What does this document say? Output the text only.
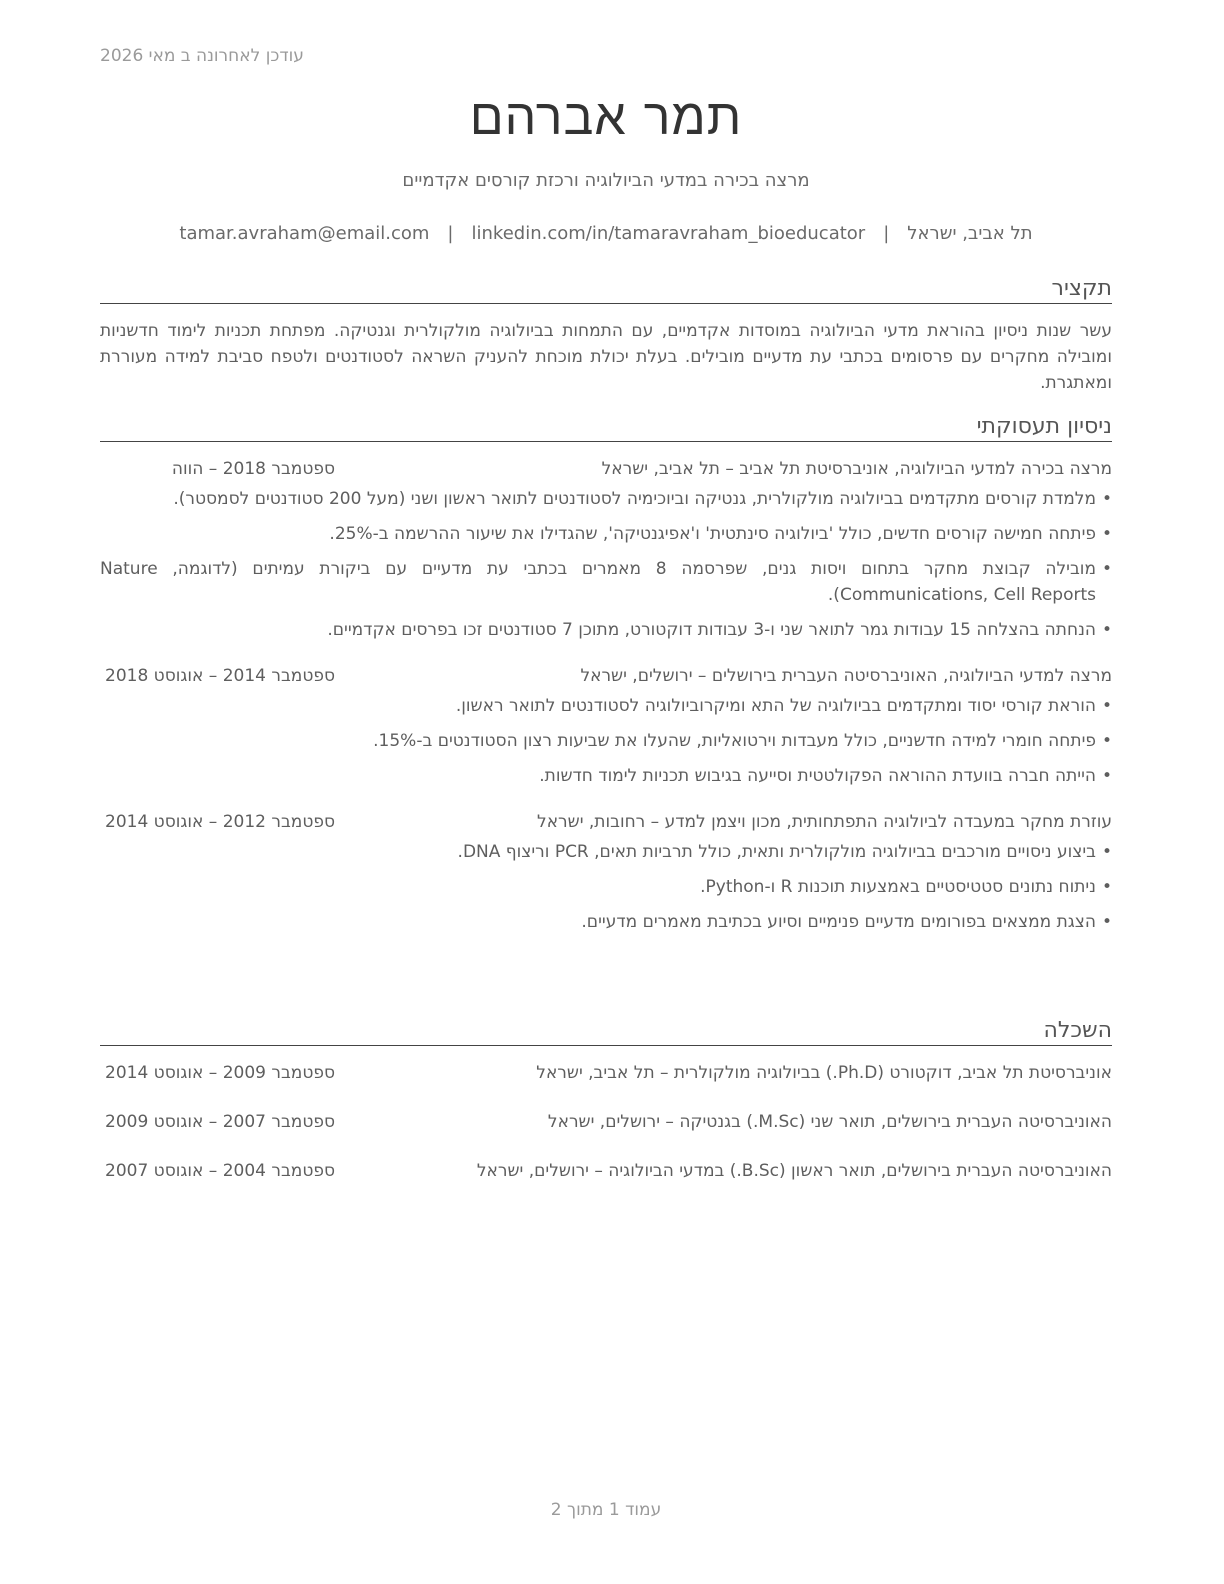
עודכן לאחרונה ב מאי 2026
תמר אברהם
מרצה בכירה במדעי הביולוגיה ורכזת קורסים אקדמיים
תל אביב, ישראל|tamar.avraham@email.com | linkedin.com/in/tamaravraham_bioeducator
תקציר
עשר שנות ניסיון בהוראת מדעי הביולוגיה במוסדות אקדמיים, עם התמחות בביולוגיה מולקולרית וגנטיקה. מפתחת תכניות לימוד חדשניות ומובילה מחקרים עם פרסומים בכתבי עת מדעיים מובילים. בעלת יכולת מוכחת להעניק השראה לסטודנטים ולטפח סביבת למידה מעוררת ומאתגרת.
ניסיון תעסוקתי
מרצה בכירה למדעי הביולוגיה, אוניברסיטת תל אביב – תל אביב, ישראל
ספטמבר 2018 – הווה
• מלמדת קורסים מתקדמים בביולוגיה מולקולרית, גנטיקה וביוכימיה לסטודנטים לתואר ראשון ושני (מעל 200 סטודנטים לסמסטר).
• פיתחה חמישה קורסים חדשים, כולל 'ביולוגיה סינתטית' ו'אפיגנטיקה', שהגדילו את שיעור ההרשמה ב-25%.
• מובילה קבוצת מחקר בתחום ויסות גנים, שפרסמה 8 מאמרים בכתבי עת מדעיים עם ביקורת עמיתים (לדוגמה, Nature Communications, Cell Reports).
• הנחתה בהצלחה 15 עבודות גמר לתואר שני ו-3 עבודות דוקטורט, מתוכן 7 סטודנטים זכו בפרסים אקדמיים.
מרצה למדעי הביולוגיה, האוניברסיטה העברית בירושלים – ירושלים, ישראל
ספטמבר 2014 – אוגוסט 2018
• הוראת קורסי יסוד ומתקדמים בביולוגיה של התא ומיקרוביולוגיה לסטודנטים לתואר ראשון.
• פיתחה חומרי למידה חדשניים, כולל מעבדות וירטואליות, שהעלו את שביעות רצון הסטודנטים ב-15%.
• הייתה חברה בוועדת ההוראה הפקולטטית וסייעה בגיבוש תכניות לימוד חדשות.
עוזרת מחקר במעבדה לביולוגיה התפתחותית, מכון ויצמן למדע – רחובות, ישראל
ספטמבר 2012 – אוגוסט 2014
• ביצוע ניסויים מורכבים בביולוגיה מולקולרית ותאית, כולל תרביות תאים, PCR וריצוף DNA.
• ניתוח נתונים סטטיסטיים באמצעות תוכנות R ו-Python.
• הצגת ממצאים בפורומים מדעיים פנימיים וסיוע בכתיבת מאמרים מדעיים.
השכלה
אוניברסיטת תל אביב, דוקטורט (Ph.D.) בביולוגיה מולקולרית – תל אביב, ישראל
ספטמבר 2009 – אוגוסט 2014
האוניברסיטה העברית בירושלים, תואר שני (M.Sc.) בגנטיקה – ירושלים, ישראל
ספטמבר 2007 – אוגוסט 2009
האוניברסיטה העברית בירושלים, תואר ראשון (B.Sc.) במדעי הביולוגיה – ירושלים, ישראל
ספטמבר 2004 – אוגוסט 2007
עמוד 1 מתוך 2
